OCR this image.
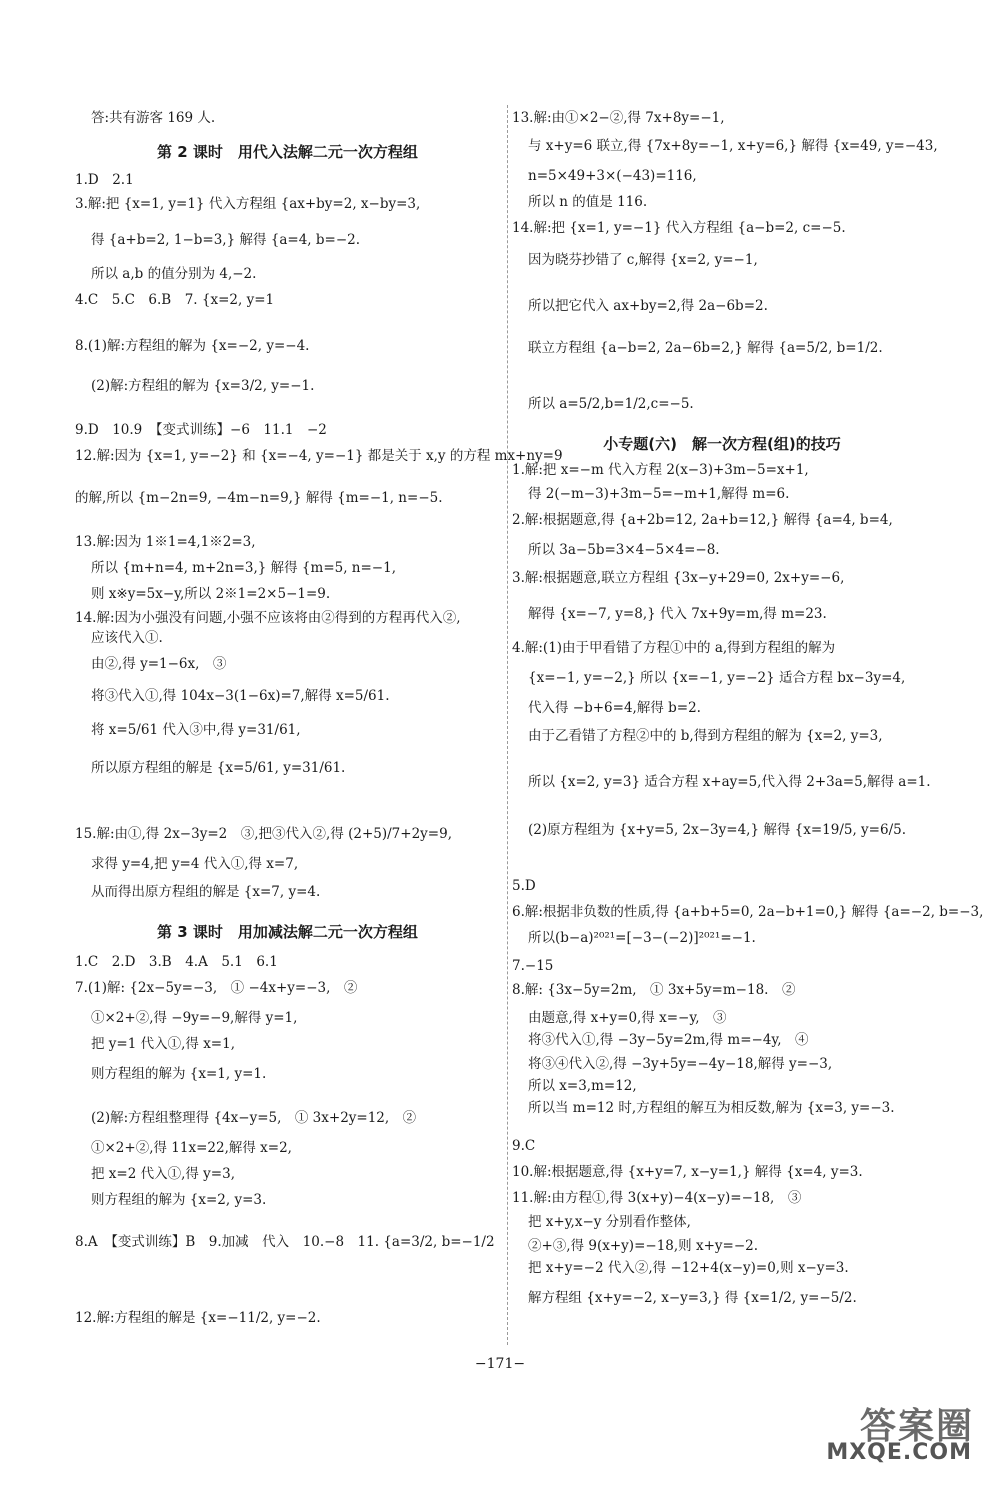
答:共有游客 169 人.
第 2 课时　用代入法解二元一次方程组
1.D　2.1
3.解:把 {x=1, y=1} 代入方程组 {ax+by=2, x−by=3,
得 {a+b=2, 1−b=3,} 解得 {a=4, b=−2.
所以 a,b 的值分别为 4,−2.
4.C　5.C　6.B　7. {x=2, y=1
8.(1)解:方程组的解为 {x=−2, y=−4.
(2)解:方程组的解为 {x=3/2, y=−1.
9.D　10.9　【变式训练】−6　11.1　−2
12.解:因为 {x=1, y=−2} 和 {x=−4, y=−1} 都是关于 x,y 的方程 mx+ny=9
的解,所以 {m−2n=9, −4m−n=9,} 解得 {m=−1, n=−5.
13.解:因为 1※1=4,1※2=3,
所以 {m+n=4, m+2n=3,} 解得 {m=5, n=−1,
则 x※y=5x−y,所以 2※1=2×5−1=9.
14.解:因为小强没有问题,小强不应该将由②得到的方程再代入②,
应该代入①.
由②,得 y=1−6x,　③
将③代入①,得 104x−3(1−6x)=7,解得 x=5/61.
将 x=5/61 代入③中,得 y=31/61,
所以原方程组的解是 {x=5/61, y=31/61.
15.解:由①,得 2x−3y=2　③,把③代入②,得 (2+5)/7+2y=9,
求得 y=4,把 y=4 代入①,得 x=7,
从而得出原方程组的解是 {x=7, y=4.
第 3 课时　用加减法解二元一次方程组
1.C　2.D　3.B　4.A　5.1　6.1
7.(1)解: {2x−5y=−3,　① −4x+y=−3,　②
①×2+②,得 −9y=−9,解得 y=1,
把 y=1 代入①,得 x=1,
则方程组的解为 {x=1, y=1.
(2)解:方程组整理得 {4x−y=5,　① 3x+2y=12,　②
①×2+②,得 11x=22,解得 x=2,
把 x=2 代入①,得 y=3,
则方程组的解为 {x=2, y=3.
8.A　【变式训练】B　9.加减　代入　10.−8　11. {a=3/2, b=−1/2
12.解:方程组的解是 {x=−11/2, y=−2.
13.解:由①×2−②,得 7x+8y=−1,
与 x+y=6 联立,得 {7x+8y=−1, x+y=6,} 解得 {x=49, y=−43,
n=5×49+3×(−43)=116,
所以 n 的值是 116.
14.解:把 {x=1, y=−1} 代入方程组 {a−b=2, c=−5.
因为晓芬抄错了 c,解得 {x=2, y=−1,
所以把它代入 ax+by=2,得 2a−6b=2.
联立方程组 {a−b=2, 2a−6b=2,} 解得 {a=5/2, b=1/2.
所以 a=5/2,b=1/2,c=−5.
小专题(六)　解一次方程(组)的技巧
1.解:把 x=−m 代入方程 2(x−3)+3m−5=x+1,
得 2(−m−3)+3m−5=−m+1,解得 m=6.
2.解:根据题意,得 {a+2b=12, 2a+b=12,} 解得 {a=4, b=4,
所以 3a−5b=3×4−5×4=−8.
3.解:根据题意,联立方程组 {3x−y+29=0, 2x+y=−6,
解得 {x=−7, y=8,} 代入 7x+9y=m,得 m=23.
4.解:(1)由于甲看错了方程①中的 a,得到方程组的解为
{x=−1, y=−2,} 所以 {x=−1, y=−2} 适合方程 bx−3y=4,
代入得 −b+6=4,解得 b=2.
由于乙看错了方程②中的 b,得到方程组的解为 {x=2, y=3,
所以 {x=2, y=3} 适合方程 x+ay=5,代入得 2+3a=5,解得 a=1.
(2)原方程组为 {x+y=5, 2x−3y=4,} 解得 {x=19/5, y=6/5.
5.D
6.解:根据非负数的性质,得 {a+b+5=0, 2a−b+1=0,} 解得 {a=−2, b=−3,
所以(b−a)²⁰²¹=[−3−(−2)]²⁰²¹=−1.
7.−15
8.解: {3x−5y=2m,　① 3x+5y=m−18.　②
由题意,得 x+y=0,得 x=−y,　③
将③代入①,得 −3y−5y=2m,得 m=−4y,　④
将③④代入②,得 −3y+5y=−4y−18,解得 y=−3,
所以 x=3,m=12,
所以当 m=12 时,方程组的解互为相反数,解为 {x=3, y=−3.
9.C
10.解:根据题意,得 {x+y=7, x−y=1,} 解得 {x=4, y=3.
11.解:由方程①,得 3(x+y)−4(x−y)=−18,　③
把 x+y,x−y 分别看作整体,
②+③,得 9(x+y)=−18,则 x+y=−2.
把 x+y=−2 代入②,得 −12+4(x−y)=0,则 x−y=3.
解方程组 {x+y=−2, x−y=3,} 得 {x=1/2, y=−5/2.
−171−
答案圈
MXQE.COM
